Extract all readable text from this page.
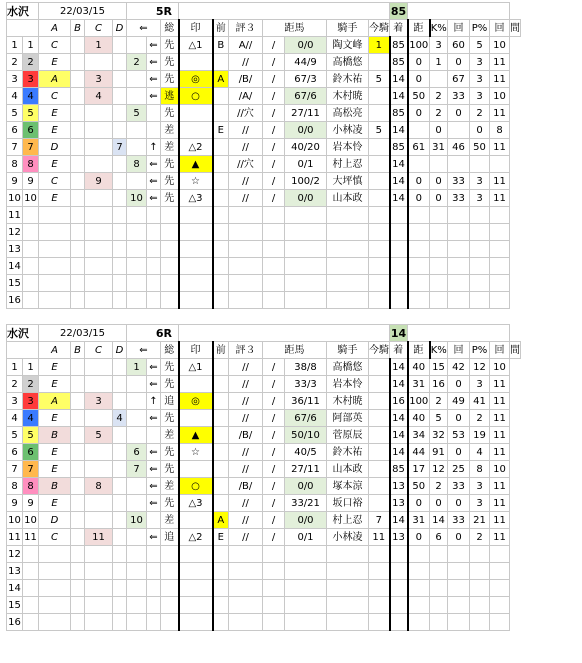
水沢		22/03/15				5R										85						
		A	B	C	D	⇐		総	印	前	評３	距馬		騎手	今騎	着	距	K%	回	P%	回	間
1	1	C		1			⇐	先	△1	B	A//	/	0/0	陶文峰	1	85	100	3	60	5	10	
2	2	E				2	⇐	先			//	/	44/9	高橋悠		85	0	1	0	3	11	
3	3	A		3			⇐	先	◎	A	/B/	/	67/3	鈴木祐	5	14	0		67	3	11	
4	4	C		4			⇐	逃	○		/A/	/	67/6	木村暁		14	50	2	33	3	10	
5	5	E				5		先			//穴	/	27/11	高松亮		85	0	2	0	2	11	
6	6	E						差		E	//	/	0/0	小林凌	5	14		0		0	8	
7	7	D			7		↑	差	△2		//	/	40/20	岩本怜		85	61	31	46	50	11	
8	8	E				8	⇐	先	▲		//穴	/	0/1	村上忍		14						
9	9	C		9			⇐	先	☆		//	/	100/2	大坪慎		14	0	0	33	3	11	
10	10	E				10	⇐	先	△3		//	/	0/0	山本政		14	0	0	33	3	11	
11																						
12																						
13																						
14																						
15																						
16																						
水沢		22/03/15				6R										14						
		A	B	C	D	⇐		総	印	前	評３	距馬		騎手	今騎	着	距	K%	回	P%	回	間
1	1	E				1	⇐	先	△1		//	/	38/8	高橋悠		14	40	15	42	12	10	
2	2	E					⇐	先			//	/	33/3	岩本怜		14	31	16	0	3	11	
3	3	A		3			↑	追	◎		//	/	36/11	木村暁		16	100	2	49	41	11	
4	4	E			4		⇐	先			//	/	67/6	阿部英		14	40	5	0	2	11	
5	5	B		5				差	▲		/B/	/	50/10	菅原辰		14	34	32	53	19	11	
6	6	E				6	⇐	先	☆		//	/	40/5	鈴木祐		14	44	91	0	4	11	
7	7	E				7	⇐	先			//	/	27/11	山本政		85	17	12	25	8	10	
8	8	B		8			⇐	差	○		/B/	/	0/0	塚本涼		13	50	2	33	3	11	
9	9	E					⇐	先	△3		//	/	33/21	坂口裕		13	0	0	0	3	11	
10	10	D				10		差		A	//	/	0/0	村上忍	7	14	31	14	33	21	11	
11	11	C		11			⇐	追	△2	E	//	/	0/1	小林凌	11	13	0	6	0	2	11	
12																						
13																						
14																						
15																						
16																						
